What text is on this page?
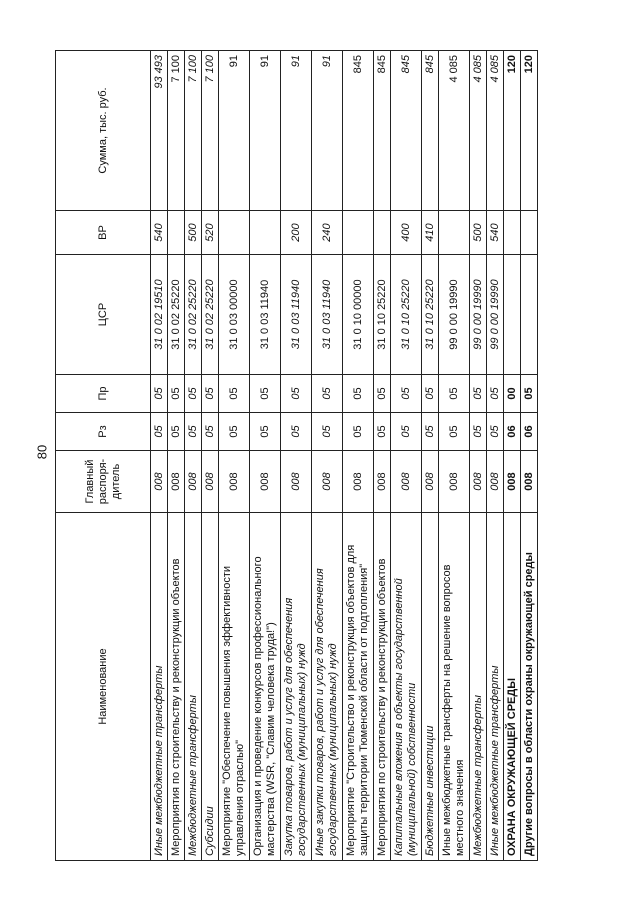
80
Наименование	Главный распоря-дитель	Рз	Пр	ЦСР	ВР	Сумма, тыс. руб.
Иные межбюджетные трансферты	008	05	05	31 0 02 19510	540	93 493
Мероприятия по строительству и реконструкции объектов	008	05	05	31 0 02 25220		7 100
Межбюджетные трансферты	008	05	05	31 0 02 25220	500	7 100
Субсидии	008	05	05	31 0 02 25220	520	7 100
Мероприятие "Обеспечение повышения эффективности управления отраслью"	008	05	05	31 0 03 00000		91
Организация и проведение конкурсов профессионального мастерства (WSR, "Славим человека труда!")	008	05	05	31 0 03 11940		91
Закупка товаров, работ и услуг для обеспечения государственных (муниципальных) нужд	008	05	05	31 0 03 11940	200	91
Иные закупки товаров, работ и услуг для обеспечения государственных (муниципальных) нужд	008	05	05	31 0 03 11940	240	91
Мероприятие "Строительство и реконструкция объектов для защиты территории Тюменской области от подтопления"	008	05	05	31 0 10 00000		845
Мероприятия по строительству и реконструкции объектов	008	05	05	31 0 10 25220		845
Капитальные вложения в объекты государственной (муниципальной) собственности	008	05	05	31 0 10 25220	400	845
Бюджетные инвестиции	008	05	05	31 0 10 25220	410	845
Иные межбюджетные трансферты на решение вопросов местного значения	008	05	05	99 0 00 19990		4 085
Межбюджетные трансферты	008	05	05	99 0 00 19990	500	4 085
Иные межбюджетные трансферты	008	05	05	99 0 00 19990	540	4 085
ОХРАНА ОКРУЖАЮЩЕЙ СРЕДЫ	008	06	00			120
Другие вопросы в области охраны окружающей среды	008	06	05			120
